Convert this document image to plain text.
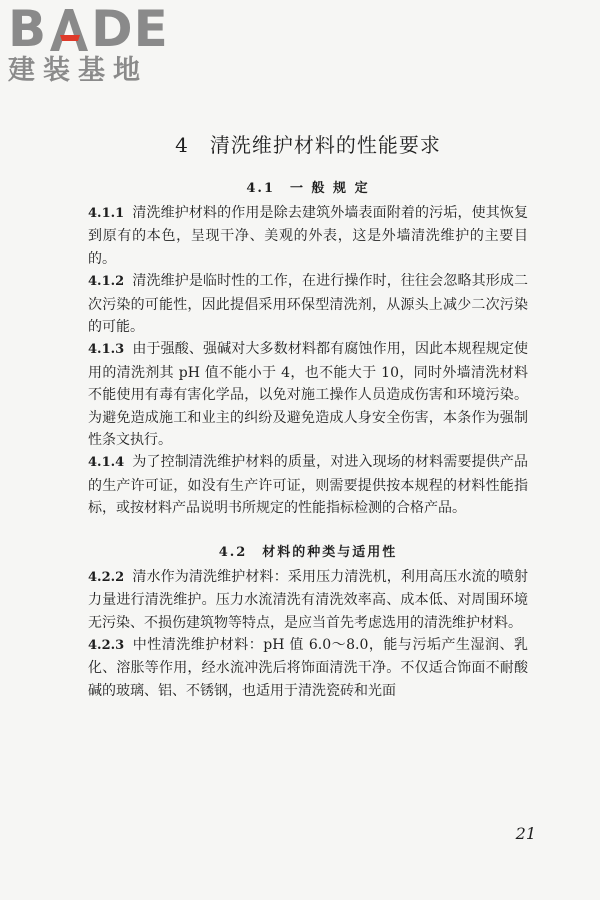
B DE
建装基地
4　清洗维护材料的性能要求
4.1　一 般 规 定

4.1.1 清洗维护材料的作用是除去建筑外墙表面附着的污垢，使其恢复到原有的本色，呈现干净、美观的外表，这是外墙清洗维护的主要目的。

4.1.2 清洗维护是临时性的工作，在进行操作时，往往会忽略其形成二次污染的可能性，因此提倡采用环保型清洗剂，从源头上减少二次污染的可能。

4.1.3 由于强酸、强碱对大多数材料都有腐蚀作用，因此本规程规定使用的清洗剂其 pH 值不能小于 4，也不能大于 10，同时外墙清洗材料不能使用有毒有害化学品，以免对施工操作人员造成伤害和环境污染。为避免造成施工和业主的纠纷及避免造成人身安全伤害，本条作为强制性条文执行。

4.1.4 为了控制清洗维护材料的质量，对进入现场的材料需要提供产品的生产许可证，如没有生产许可证，则需要提供按本规程的材料性能指标，或按材料产品说明书所规定的性能指标检测的合格产品。

4.2　材料的种类与适用性

4.2.2 清水作为清洗维护材料：采用压力清洗机，利用高压水流的喷射力量进行清洗维护。压力水流清洗有清洗效率高、成本低、对周围环境无污染、不损伤建筑物等特点，是应当首先考虑选用的清洗维护材料。

4.2.3 中性清洗维护材料：pH 值 6.0～8.0，能与污垢产生湿润、乳化、溶胀等作用，经水流冲洗后将饰面清洗干净。不仅适合饰面不耐酸碱的玻璃、铝、不锈钢，也适用于清洗瓷砖和光面

21
